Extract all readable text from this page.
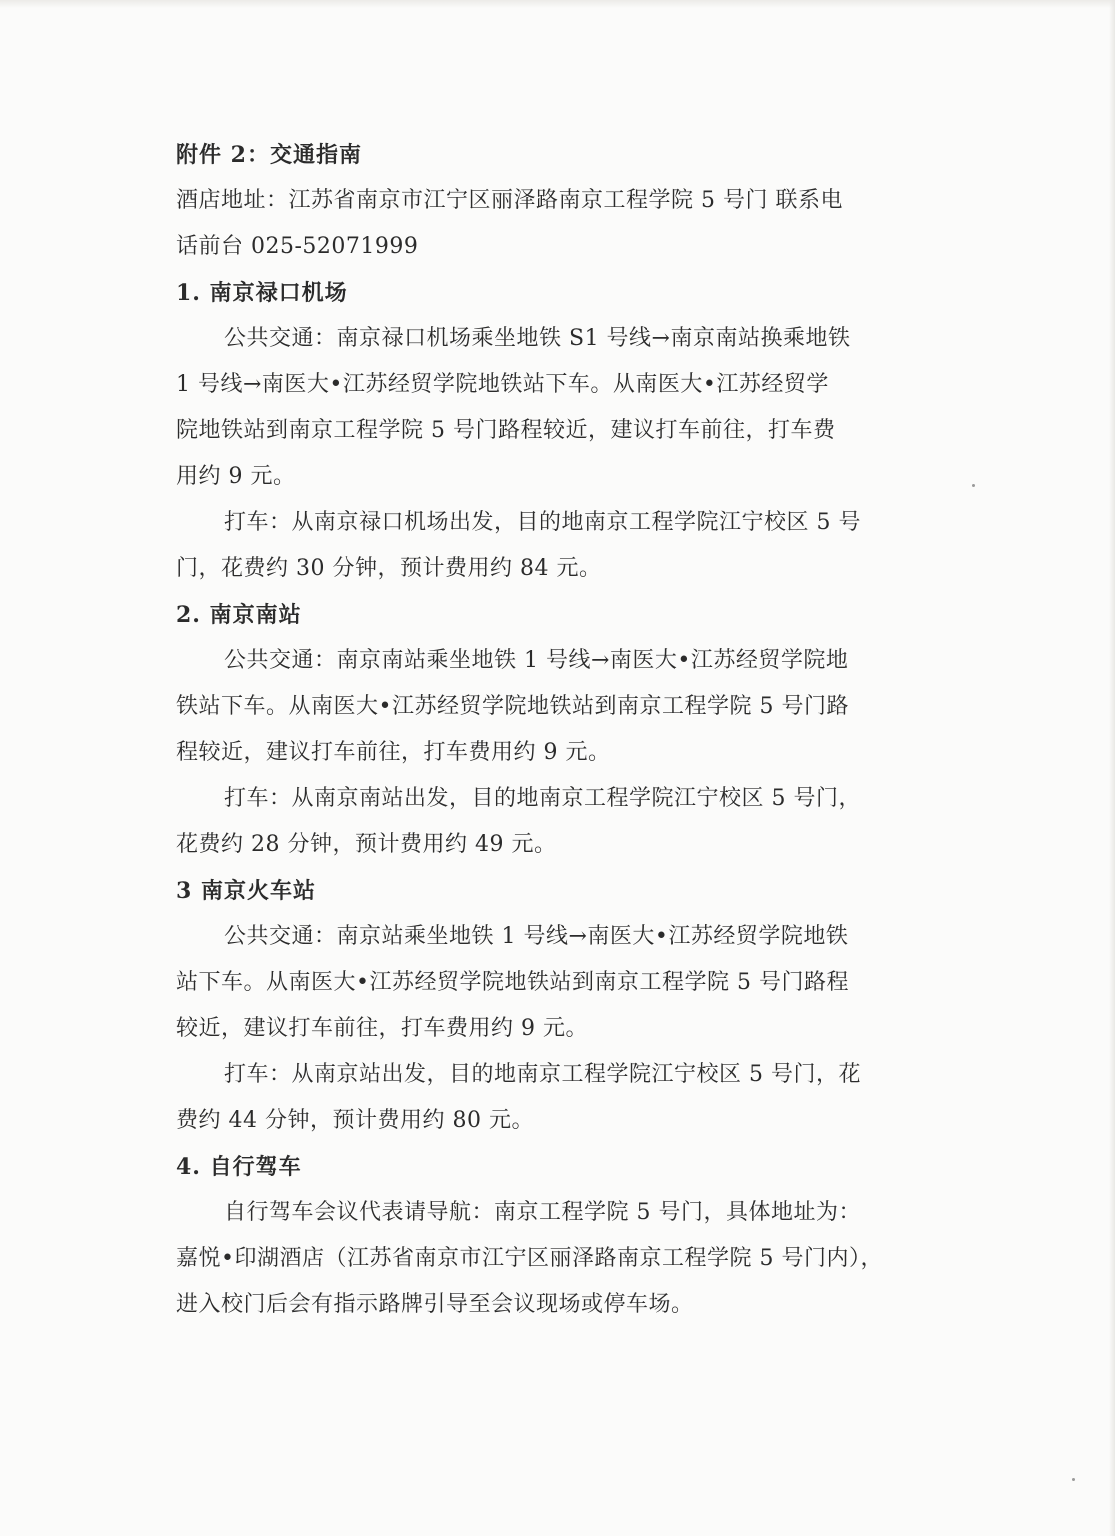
附件 2：交通指南
酒店地址：江苏省南京市江宁区丽泽路南京工程学院 5 号门 联系电
话前台 025-52071999
1. 南京禄口机场
公共交通：南京禄口机场乘坐地铁 S1 号线→南京南站换乘地铁
1 号线→南医大•江苏经贸学院地铁站下车。从南医大•江苏经贸学
院地铁站到南京工程学院 5 号门路程较近，建议打车前往，打车费
用约 9 元。
打车：从南京禄口机场出发，目的地南京工程学院江宁校区 5 号
门，花费约 30 分钟，预计费用约 84 元。
2. 南京南站
公共交通：南京南站乘坐地铁 1 号线→南医大•江苏经贸学院地
铁站下车。从南医大•江苏经贸学院地铁站到南京工程学院 5 号门路
程较近，建议打车前往，打车费用约 9 元。
打车：从南京南站出发，目的地南京工程学院江宁校区 5 号门，
花费约 28 分钟，预计费用约 49 元。
3 南京火车站
公共交通：南京站乘坐地铁 1 号线→南医大•江苏经贸学院地铁
站下车。从南医大•江苏经贸学院地铁站到南京工程学院 5 号门路程
较近，建议打车前往，打车费用约 9 元。
打车：从南京站出发，目的地南京工程学院江宁校区 5 号门，花
费约 44 分钟，预计费用约 80 元。
4. 自行驾车
自行驾车会议代表请导航：南京工程学院 5 号门，具体地址为：
嘉悦•印湖酒店（江苏省南京市江宁区丽泽路南京工程学院 5 号门内），
进入校门后会有指示路牌引导至会议现场或停车场。
